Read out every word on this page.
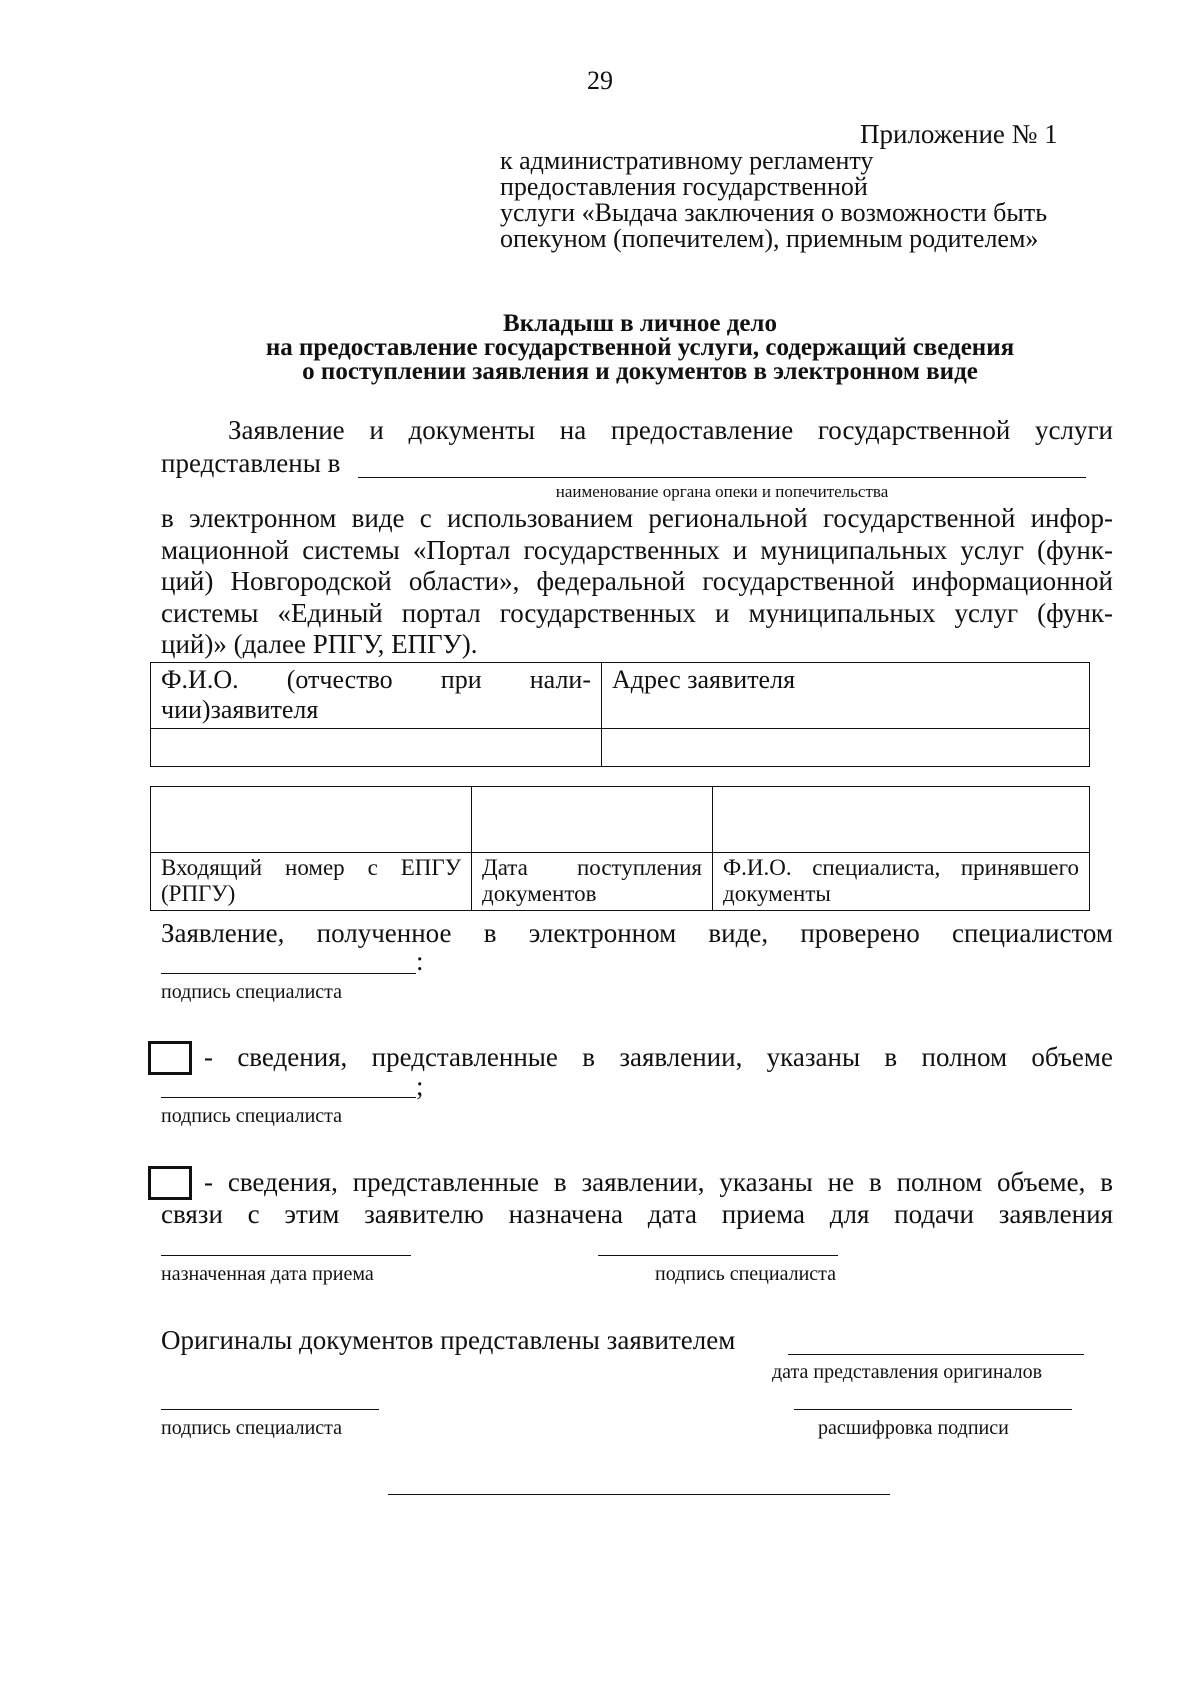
29
Приложение № 1
к административному регламенту
предоставления государственной
услуги «Выдача заключения о возможности быть
опекуном (попечителем), приемным родителем»
Вкладыш в личное дело
на предоставление государственной услуги, содержащий сведения
о поступлении заявления и документов в электронном виде
Заявление и документы на предоставление государственной услуги
представлены в
наименование органа опеки и попечительства
в электронном виде с использованием региональной государственной инфор-
мационной системы «Портал государственных и муниципальных услуг (функ-
ций) Новгородской области», федеральной государственной информационной
системы «Единый портал государственных и муниципальных услуг (функ-
ций)» (далее РПГУ, ЕПГУ).
Ф.И.О. (отчество при нали- чии)заявителя	Адрес заявителя

Входящий номер с ЕПГУ (РПГУ)	Дата поступления документов	Ф.И.О. специалиста, принявшего документы
Заявление, полученное в электронном виде, проверено специалистом
:
подпись специалиста
- сведения, представленные в заявлении, указаны в полном объеме
;
подпись специалиста
- сведения, представленные в заявлении, указаны не в полном объеме, в
связи с этим заявителю назначена дата приема для подачи заявления
назначенная дата приема	подпись специалиста
Оригиналы документов представлены заявителем
дата представления оригиналов
подпись специалиста	расшифровка подписи
